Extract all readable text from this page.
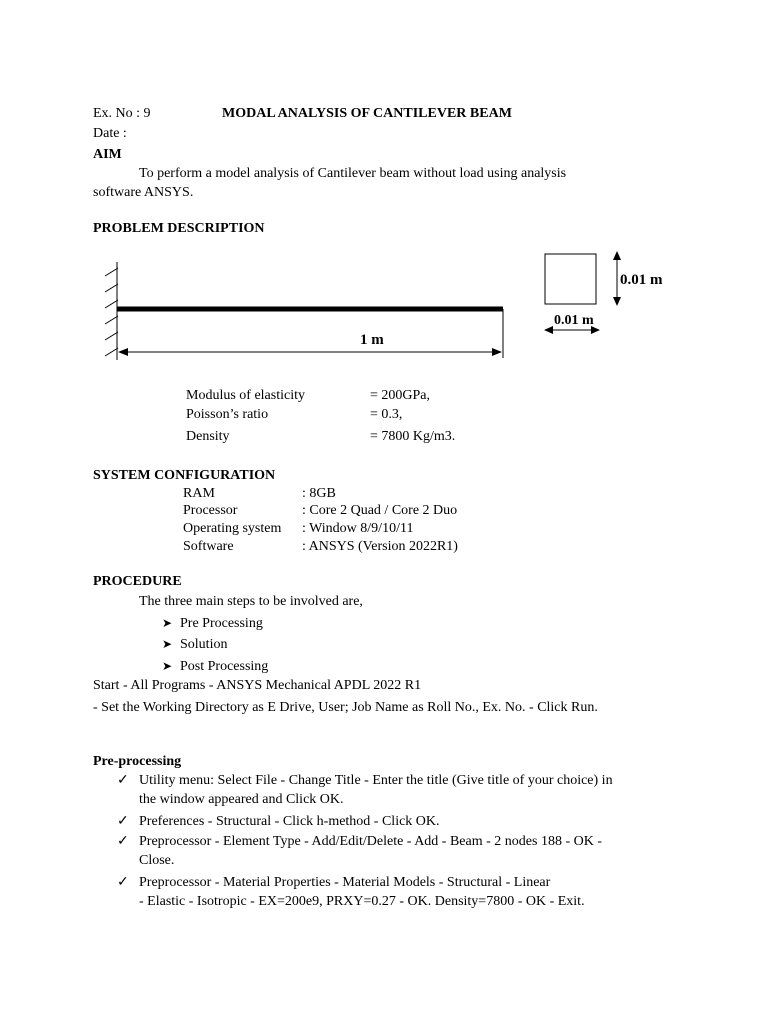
Ex. No : 9	MODAL ANALYSIS OF CANTILEVER BEAM
Date :
AIM
To perform a model analysis of Cantilever beam without load using analysis
software ANSYS.
PROBLEM DESCRIPTION
1 m
0.01 m
0.01 m
Modulus of elasticity	= 200GPa,
Poisson’s ratio	= 0.3,
Density	= 7800 Kg/m3.
SYSTEM CONFIGURATION
RAM	: 8GB
Processor	: Core 2 Quad / Core 2 Duo
Operating system : Window 8/9/10/11
Software	: ANSYS (Version 2022R1)
PROCEDURE
The three main steps to be involved are,
➤ Pre Processing
➤ Solution
➤ Post Processing
Start - All Programs - ANSYS Mechanical APDL 2022 R1
- Set the Working Directory as E Drive, User; Job Name as Roll No., Ex. No. - Click Run.
Pre-processing
✓ Utility menu: Select File - Change Title - Enter the title (Give title of your choice) in
the window appeared and Click OK.
✓ Preferences - Structural - Click h-method - Click OK.
✓ Preprocessor - Element Type - Add/Edit/Delete - Add - Beam - 2 nodes 188 - OK -
Close.
✓ Preprocessor - Material Properties - Material Models - Structural - Linear
- Elastic - Isotropic - EX=200e9, PRXY=0.27 - OK. Density=7800 - OK - Exit.
